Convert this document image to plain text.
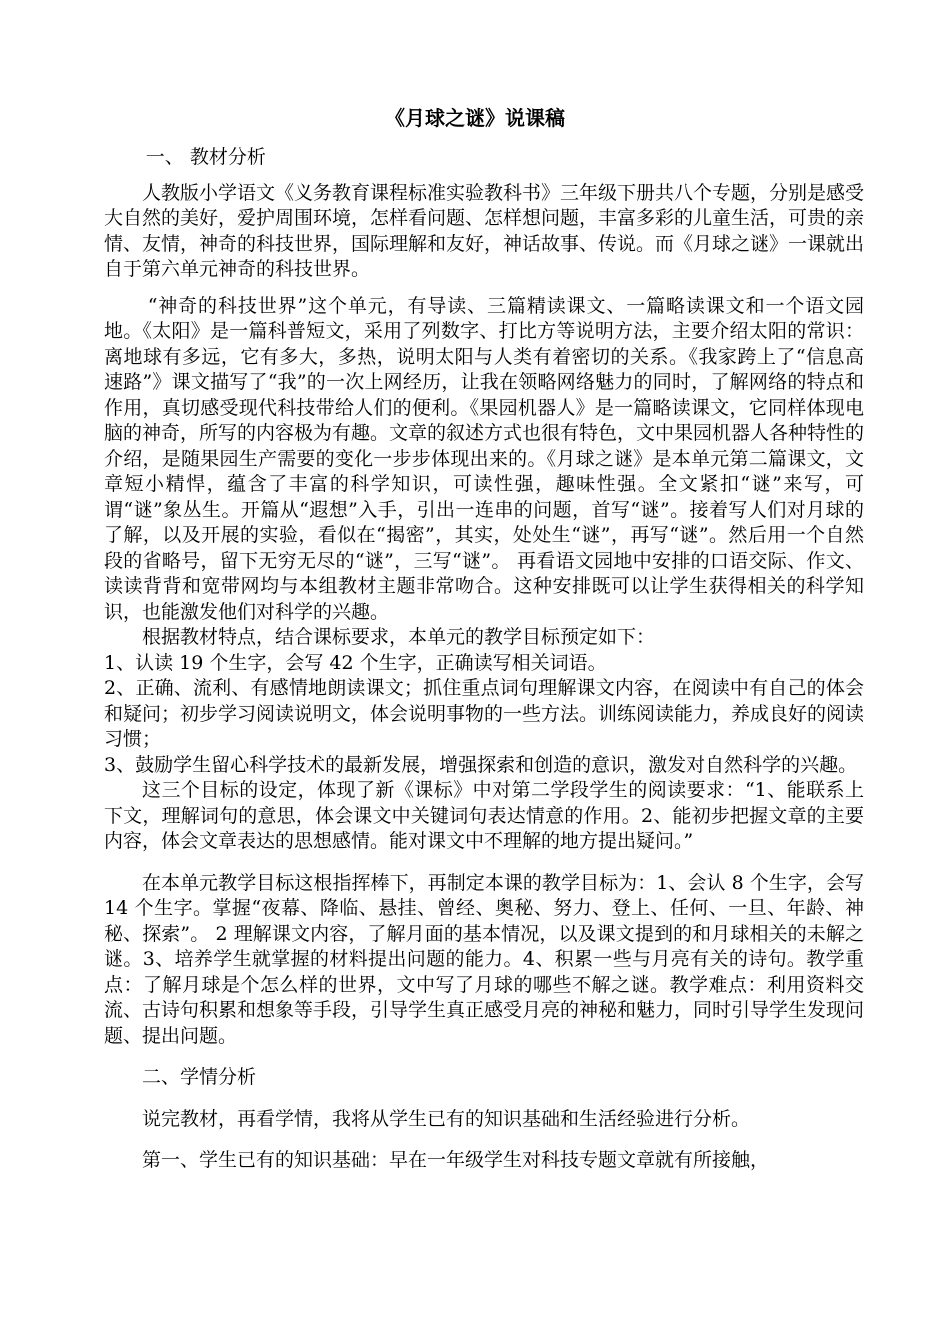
《月球之谜》说课稿

一、 教材分析

人教版小学语文《义务教育课程标准实验教科书》三年级下册共八个专题，分别是感受大自然的美好，爱护周围环境，怎样看问题、怎样想问题，丰富多彩的儿童生活，可贵的亲情、友情，神奇的科技世界，国际理解和友好，神话故事、传说。而《月球之谜》一课就出自于第六单元神奇的科技世界。

“神奇的科技世界”这个单元，有导读、三篇精读课文、一篇略读课文和一个语文园地。《太阳》是一篇科普短文，采用了列数字、打比方等说明方法，主要介绍太阳的常识：离地球有多远，它有多大，多热，说明太阳与人类有着密切的关系。《我家跨上了“信息高速路”》课文描写了“我”的一次上网经历，让我在领略网络魅力的同时，了解网络的特点和作用，真切感受现代科技带给人们的便利。《果园机器人》是一篇略读课文，它同样体现电脑的神奇，所写的内容极为有趣。文章的叙述方式也很有特色，文中果园机器人各种特性的介绍，是随果园生产需要的变化一步步体现出来的。《月球之谜》是本单元第二篇课文，文章短小精悍，蕴含了丰富的科学知识，可读性强，趣味性强。全文紧扣“谜”来写，可谓“谜”象丛生。开篇从“遐想”入手，引出一连串的问题，首写“谜”。接着写人们对月球的了解，以及开展的实验，看似在“揭密”，其实，处处生“谜”，再写“谜”。然后用一个自然段的省略号，留下无穷无尽的“谜”，三写“谜”。 再看语文园地中安排的口语交际、作文、读读背背和宽带网均与本组教材主题非常吻合。这种安排既可以让学生获得相关的科学知识，也能激发他们对科学的兴趣。

根据教材特点，结合课标要求，本单元的教学目标预定如下：

1、认读 19 个生字，会写 42 个生字，正确读写相关词语。

2、正确、流利、有感情地朗读课文；抓住重点词句理解课文内容，在阅读中有自己的体会和疑问；初步学习阅读说明文，体会说明事物的一些方法。训练阅读能力，养成良好的阅读习惯；

3、鼓励学生留心科学技术的最新发展，增强探索和创造的意识，激发对自然科学的兴趣。

这三个目标的设定，体现了新《课标》中对第二学段学生的阅读要求：“1、能联系上下文，理解词句的意思，体会课文中关键词句表达情意的作用。2、能初步把握文章的主要内容，体会文章表达的思想感情。能对课文中不理解的地方提出疑问。”

在本单元教学目标这根指挥棒下，再制定本课的教学目标为：1、会认 8 个生字，会写 14 个生字。掌握“夜幕、降临、悬挂、曾经、奥秘、努力、登上、任何、一旦、年龄、神秘、探索”。 2 理解课文内容，了解月面的基本情况，以及课文提到的和月球相关的未解之谜。3、培养学生就掌握的材料提出问题的能力。4、积累一些与月亮有关的诗句。教学重点：了解月球是个怎么样的世界，文中写了月球的哪些不解之谜。教学难点：利用资料交流、古诗句积累和想象等手段，引导学生真正感受月亮的神秘和魅力，同时引导学生发现问题、提出问题。

二、学情分析

说完教材，再看学情，我将从学生已有的知识基础和生活经验进行分析。

第一、学生已有的知识基础：早在一年级学生对科技专题文章就有所接触，
